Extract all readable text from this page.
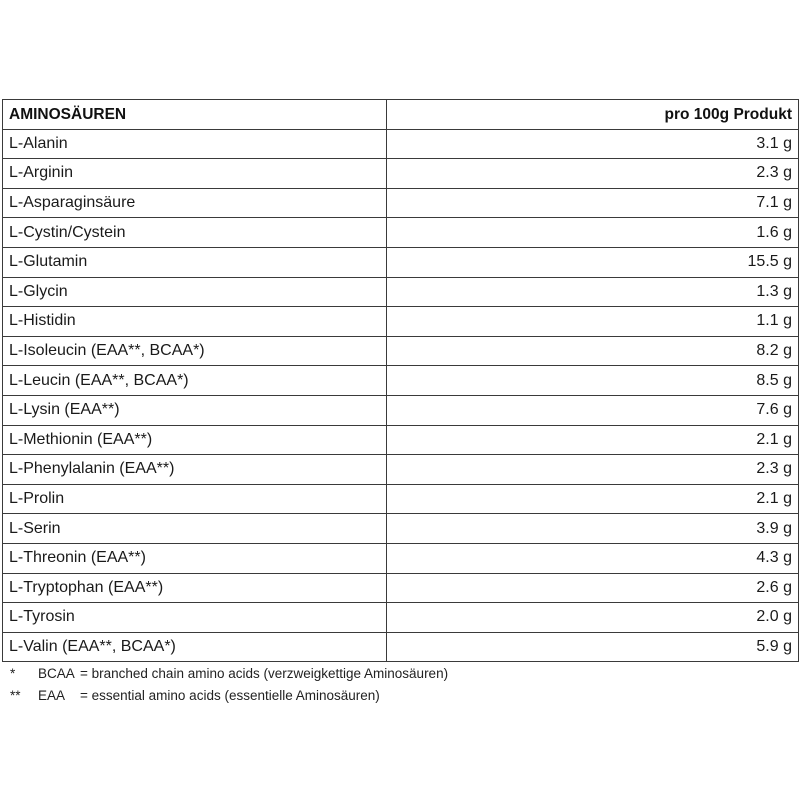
AMINOSÄUREN	pro 100g Produkt
L-Alanin	3.1 g
L-Arginin	2.3 g
L-Asparaginsäure	7.1 g
L-Cystin/Cystein	1.6 g
L-Glutamin	15.5 g
L-Glycin	1.3 g
L-Histidin	1.1 g
L-Isoleucin (EAA**, BCAA*)	8.2 g
L-Leucin (EAA**, BCAA*)	8.5 g
L-Lysin (EAA**)	7.6 g
L-Methionin (EAA**)	2.1 g
L-Phenylalanin (EAA**)	2.3 g
L-Prolin	2.1 g
L-Serin	3.9 g
L-Threonin (EAA**)	4.3 g
L-Tryptophan (EAA**)	2.6 g
L-Tyrosin	2.0 g
L-Valin (EAA**, BCAA*)	5.9 g
*	BCAA = branched chain amino acids (verzweigkettige Aminosäuren)
**	EAA	= essential amino acids (essentielle Aminosäuren)
